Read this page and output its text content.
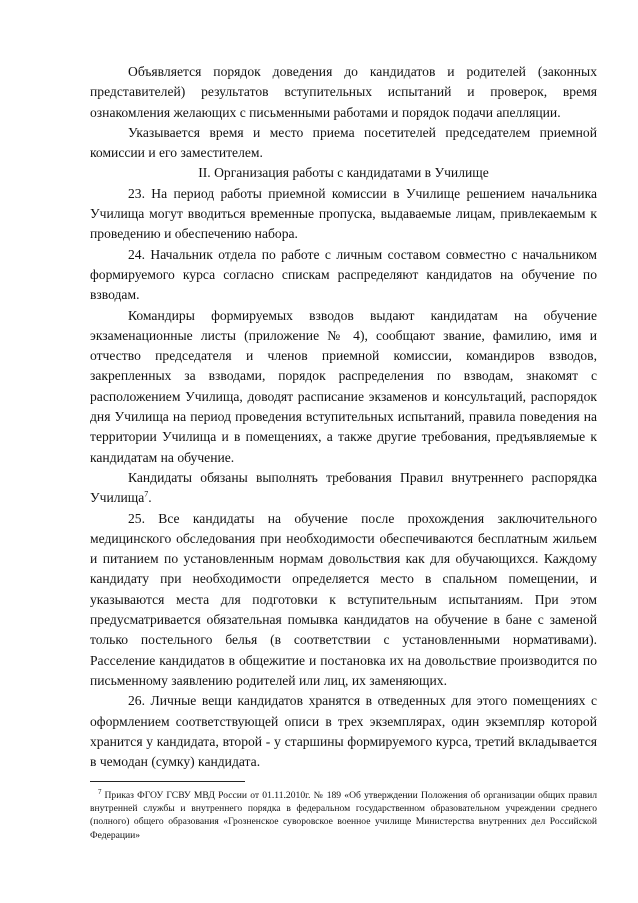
Объявляется порядок доведения до кандидатов и родителей (законных представителей) результатов вступительных испытаний и проверок, время ознакомления желающих с письменными работами и порядок подачи апелляции.

Указывается время и место приема посетителей председателем приемной комиссии и его заместителем.

II. Организация работы с кандидатами в Училище

23. На период работы приемной комиссии в Училище решением начальника Училища могут вводиться временные пропуска, выдаваемые лицам, привлекаемым к проведению и обеспечению набора.

24. Начальник отдела по работе с личным составом совместно с начальником формируемого курса согласно спискам распределяют кандидатов на обучение по взводам.

Командиры формируемых взводов выдают кандидатам на обучение экзаменационные листы (приложение № 4), сообщают звание, фамилию, имя и отчество председателя и членов приемной комиссии, командиров взводов, закрепленных за взводами, порядок распределения по взводам, знакомят с расположением Училища, доводят расписание экзаменов и консультаций, распорядок дня Училища на период проведения вступительных испытаний, правила поведения на территории Училища и в помещениях, а также другие требования, предъявляемые к кандидатам на обучение.

Кандидаты обязаны выполнять требования Правил внутреннего распорядка Училища$^7$.

25. Все кандидаты на обучение после прохождения заключительного медицинского обследования при необходимости обеспечиваются бесплатным жильем и питанием по установленным нормам довольствия как для обучающихся. Каждому кандидату при необходимости определяется место в спальном помещении, и указываются места для подготовки к вступительным испытаниям. При этом предусматривается обязательная помывка кандидатов на обучение в бане с заменой только постельного белья (в соответствии с установленными нормативами). Расселение кандидатов в общежитие и постановка их на довольствие производится по письменному заявлению родителей или лиц, их заменяющих.

26. Личные вещи кандидатов хранятся в отведенных для этого помещениях с оформлением соответствующей описи в трех экземплярах, один экземпляр которой хранится у кандидата, второй - у старшины формируемого курса, третий вкладывается в чемодан (сумку) кандидата.

$^7$ Приказ ФГОУ ГСВУ МВД России от 01.11.2010г. № 189 «Об утверждении Положения об организации общих правил внутренней службы и внутреннего порядка в федеральном государственном образовательном учреждении среднего (полного) общего образования «Грозненское суворовское военное училище Министерства внутренних дел Российской Федерации»
